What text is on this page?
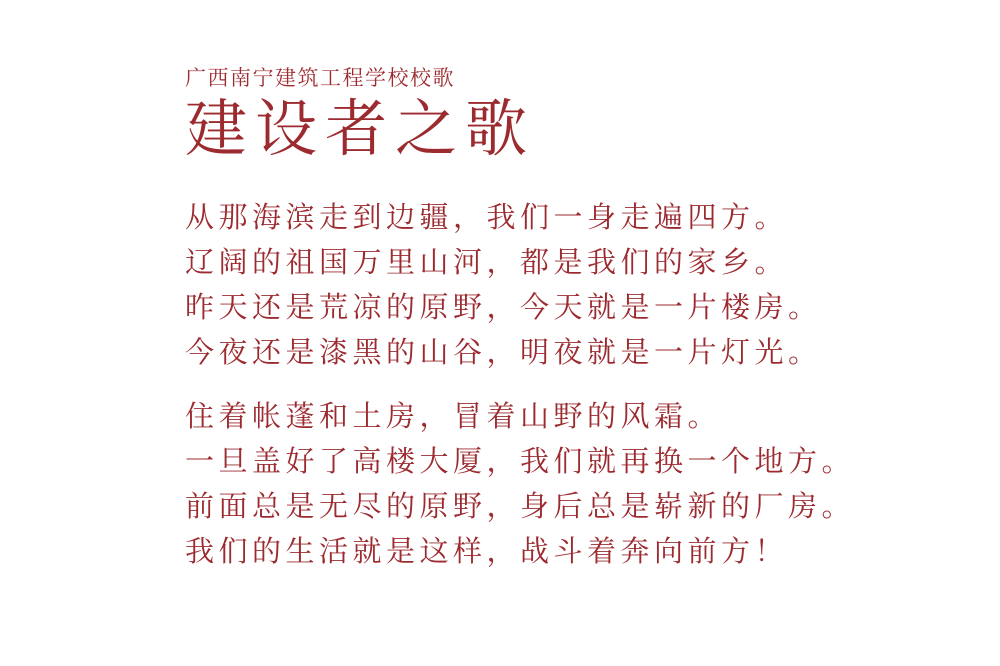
广西南宁建筑工程学校校歌
建设者之歌
从那海滨走到边疆，我们一身走遍四方。
辽阔的祖国万里山河，都是我们的家乡。
昨天还是荒凉的原野，今天就是一片楼房。
今夜还是漆黑的山谷，明夜就是一片灯光。
住着帐蓬和土房，冒着山野的风霜。
一旦盖好了高楼大厦，我们就再换一个地方。
前面总是无尽的原野，身后总是崭新的厂房。
我们的生活就是这样，战斗着奔向前方！
